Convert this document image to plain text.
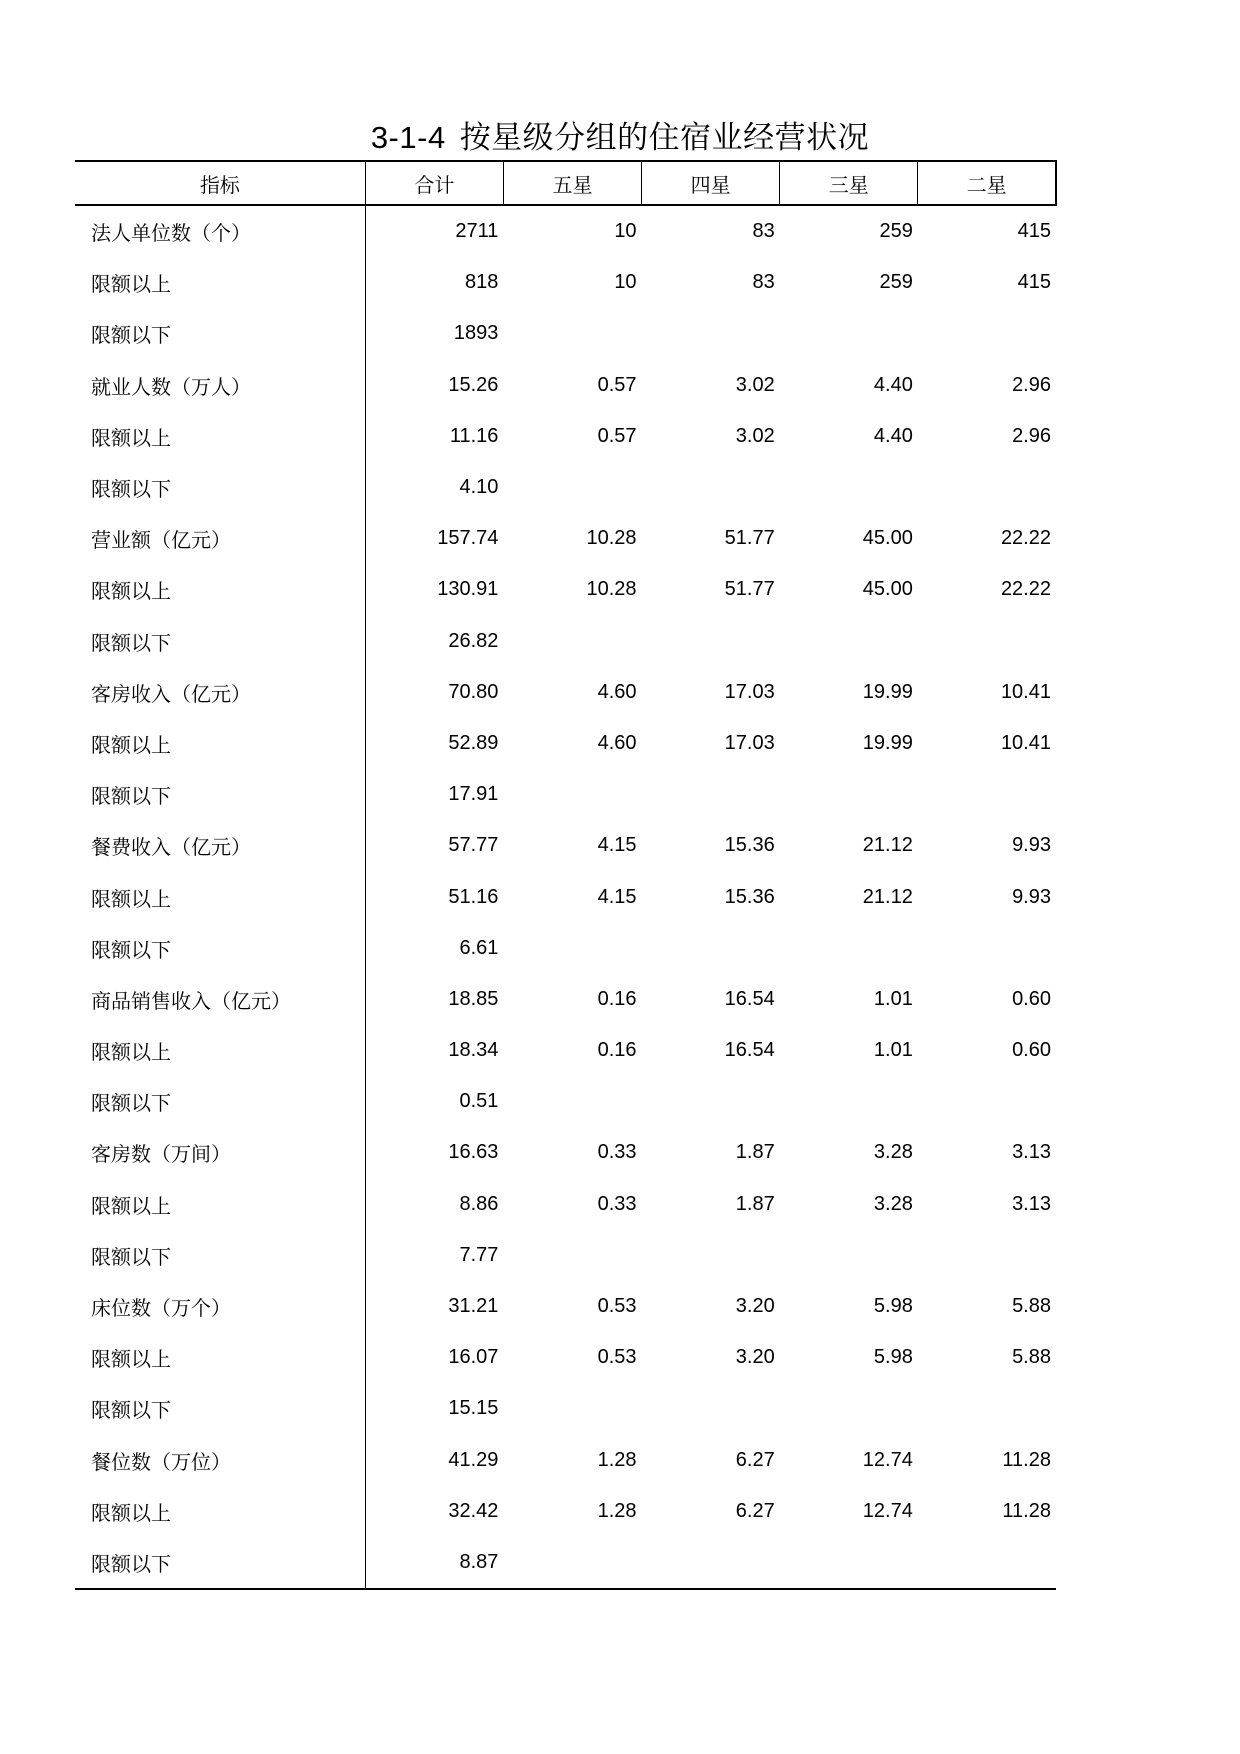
3-1-4 按星级分组的住宿业经营状况
指标	合计	五星	四星	三星	二星
法人单位数（个）	2711	10	83	259	415
限额以上	818	10	83	259	415
限额以下	1893				
就业人数（万人）	15.26	0.57	3.02	4.40	2.96
限额以上	11.16	0.57	3.02	4.40	2.96
限额以下	4.10				
营业额（亿元）	157.74	10.28	51.77	45.00	22.22
限额以上	130.91	10.28	51.77	45.00	22.22
限额以下	26.82				
客房收入（亿元）	70.80	4.60	17.03	19.99	10.41
限额以上	52.89	4.60	17.03	19.99	10.41
限额以下	17.91				
餐费收入（亿元）	57.77	4.15	15.36	21.12	9.93
限额以上	51.16	4.15	15.36	21.12	9.93
限额以下	6.61				
商品销售收入（亿元）	18.85	0.16	16.54	1.01	0.60
限额以上	18.34	0.16	16.54	1.01	0.60
限额以下	0.51				
客房数（万间）	16.63	0.33	1.87	3.28	3.13
限额以上	8.86	0.33	1.87	3.28	3.13
限额以下	7.77				
床位数（万个）	31.21	0.53	3.20	5.98	5.88
限额以上	16.07	0.53	3.20	5.98	5.88
限额以下	15.15				
餐位数（万位）	41.29	1.28	6.27	12.74	11.28
限额以上	32.42	1.28	6.27	12.74	11.28
限额以下	8.87				
